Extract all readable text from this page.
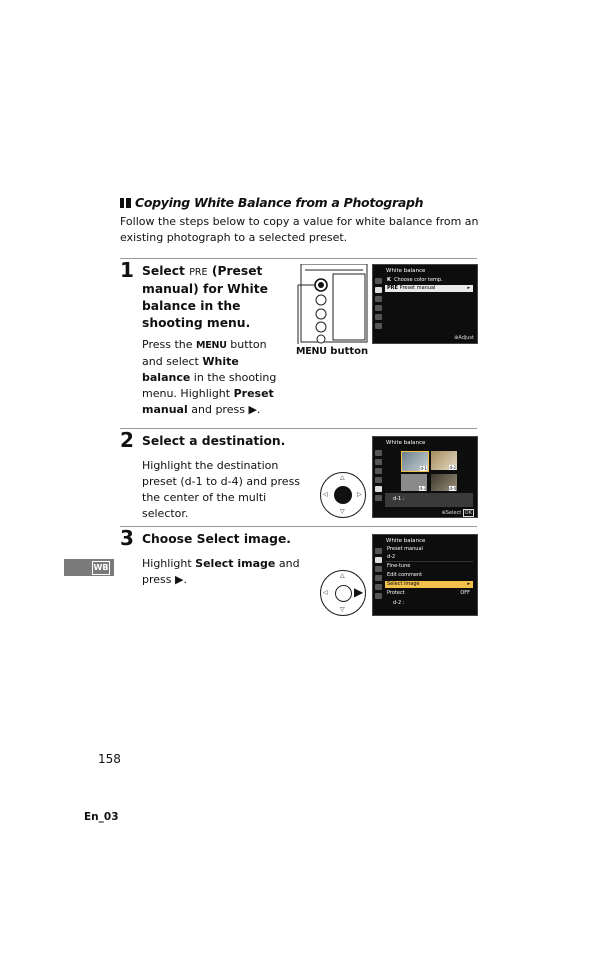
Copying White Balance from a Photograph
Follow the steps below to copy a value for white balance from an existing photograph to a selected preset.
1 Select PRE (Preset manual) for White balance in the shooting menu.
Press the MENU button and select White balance in the shooting menu. Highlight Preset manual and press ▶.
MENU button
White balance
K Choose color temp.
PRE Preset manual	▸
⊕Adjust
2 Select a destination.
Highlight the destination preset (d-1 to d-4) and press the center of the multi selector.
△
▽
◁	▷
White balance
d-1	d-2
d-3	d-4
d-1 :
⊕Select OK
3 Choose Select image.
Highlight Select image and press ▶.	△
▽
◁ ▶
White balance
Preset manual
d-2
Fine-tune
Edit comment
Select image	▸
Protect	OFF
d-2 :
WB
158
En_03
